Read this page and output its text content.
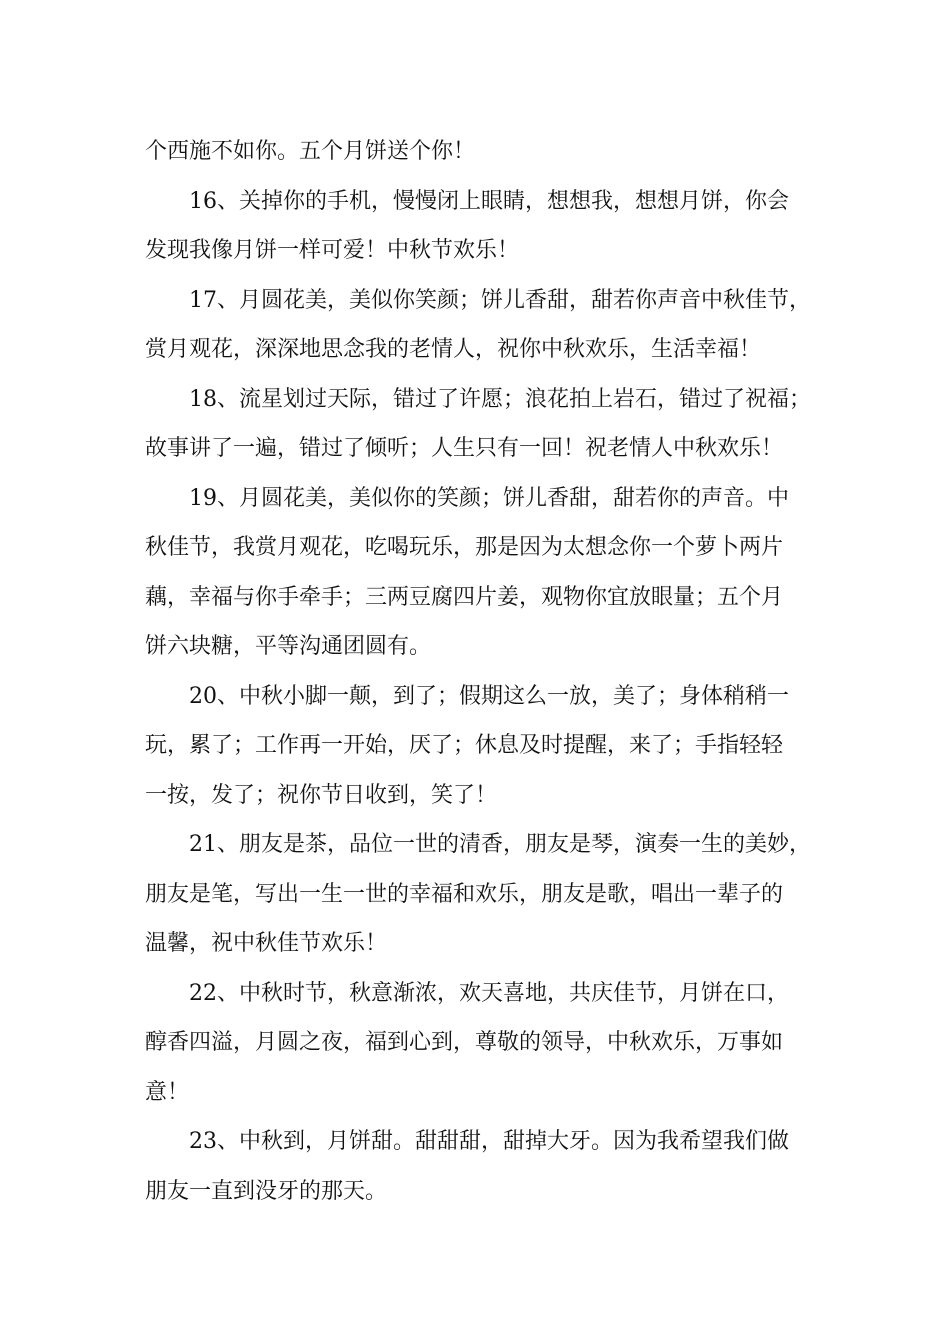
个西施不如你。五个月饼送个你！
16、关掉你的手机，慢慢闭上眼睛，想想我，想想月饼，你会
发现我像月饼一样可爱！中秋节欢乐！
17、月圆花美，美似你笑颜；饼儿香甜，甜若你声音中秋佳节，
赏月观花，深深地思念我的老情人，祝你中秋欢乐，生活幸福！
18、流星划过天际，错过了许愿；浪花拍上岩石，错过了祝福；
故事讲了一遍，错过了倾听；人生只有一回！祝老情人中秋欢乐！
19、月圆花美，美似你的笑颜；饼儿香甜，甜若你的声音。中
秋佳节，我赏月观花，吃喝玩乐，那是因为太想念你一个萝卜两片
藕，幸福与你手牵手；三两豆腐四片姜，观物你宜放眼量；五个月
饼六块糖，平等沟通团圆有。
20、中秋小脚一颠，到了；假期这么一放，美了；身体稍稍一
玩，累了；工作再一开始，厌了；休息及时提醒，来了；手指轻轻
一按，发了；祝你节日收到，笑了！
21、朋友是茶，品位一世的清香，朋友是琴，演奏一生的美妙，
朋友是笔，写出一生一世的幸福和欢乐，朋友是歌，唱出一辈子的
温馨，祝中秋佳节欢乐！
22、中秋时节，秋意渐浓，欢天喜地，共庆佳节，月饼在口，
醇香四溢，月圆之夜，福到心到，尊敬的领导，中秋欢乐，万事如
意！
23、中秋到，月饼甜。甜甜甜，甜掉大牙。因为我希望我们做
朋友一直到没牙的那天。
